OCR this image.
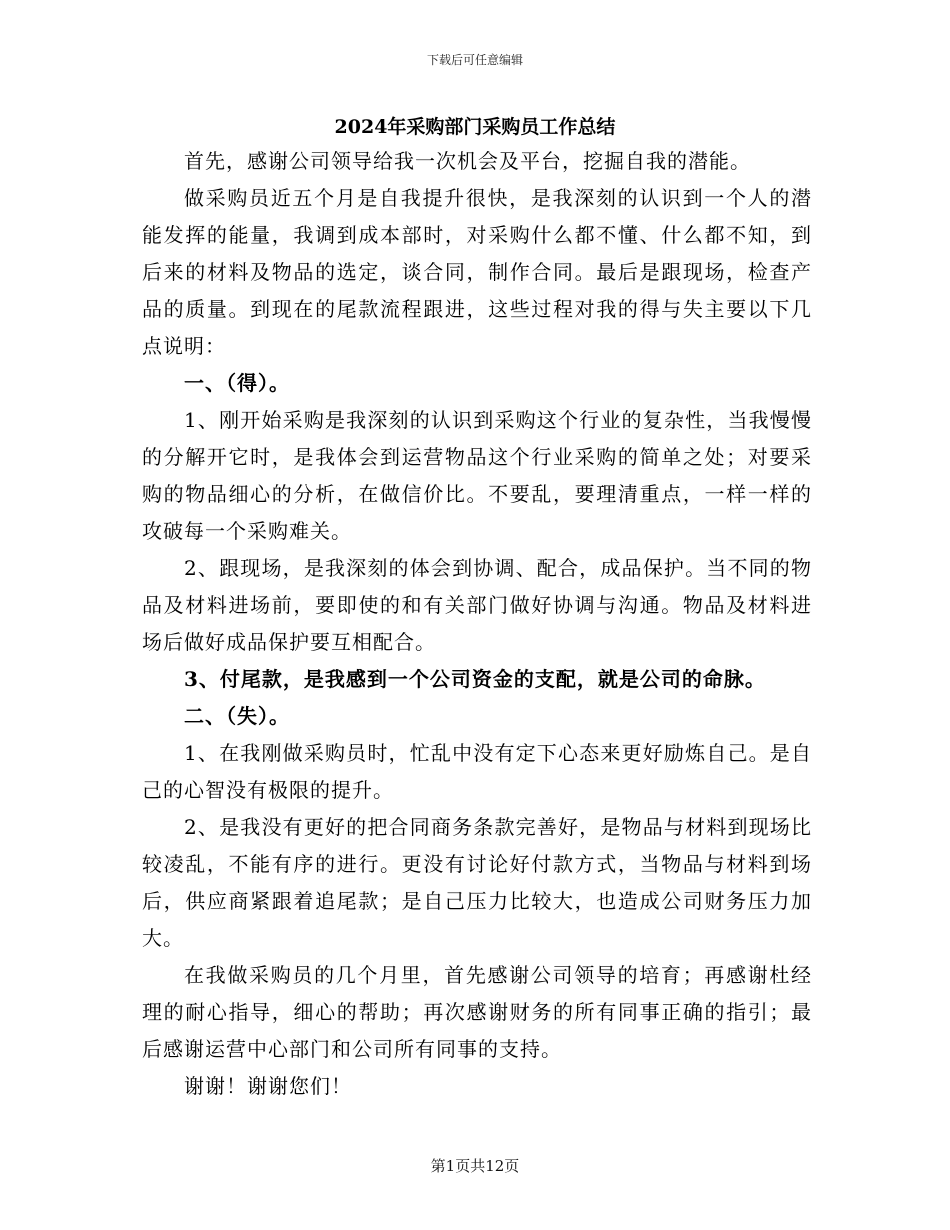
下载后可任意编辑
2024年采购部门采购员工作总结

首先，感谢公司领导给我一次机会及平台，挖掘自我的潜能。

做采购员近五个月是自我提升很快，是我深刻的认识到一个人的潜能发挥的能量，我调到成本部时，对采购什么都不懂、什么都不知，到后来的材料及物品的选定，谈合同，制作合同。最后是跟现场，检查产品的质量。到现在的尾款流程跟进，这些过程对我的得与失主要以下几点说明：

一、（得）。

1、刚开始采购是我深刻的认识到采购这个行业的复杂性，当我慢慢的分解开它时，是我体会到运营物品这个行业采购的简单之处；对要采购的物品细心的分析，在做信价比。不要乱，要理清重点，一样一样的攻破每一个采购难关。

2、跟现场，是我深刻的体会到协调、配合，成品保护。当不同的物品及材料进场前，要即使的和有关部门做好协调与沟通。物品及材料进场后做好成品保护要互相配合。

3、付尾款，是我感到一个公司资金的支配，就是公司的命脉。

二、（失）。

1、在我刚做采购员时，忙乱中没有定下心态来更好励炼自己。是自己的心智没有极限的提升。

2、是我没有更好的把合同商务条款完善好，是物品与材料到现场比较凌乱，不能有序的进行。更没有讨论好付款方式，当物品与材料到场后，供应商紧跟着追尾款；是自己压力比较大，也造成公司财务压力加大。

在我做采购员的几个月里，首先感谢公司领导的培育；再感谢杜经理的耐心指导，细心的帮助；再次感谢财务的所有同事正确的指引；最后感谢运营中心部门和公司所有同事的支持。

谢谢！谢谢您们！

第1页共12页
